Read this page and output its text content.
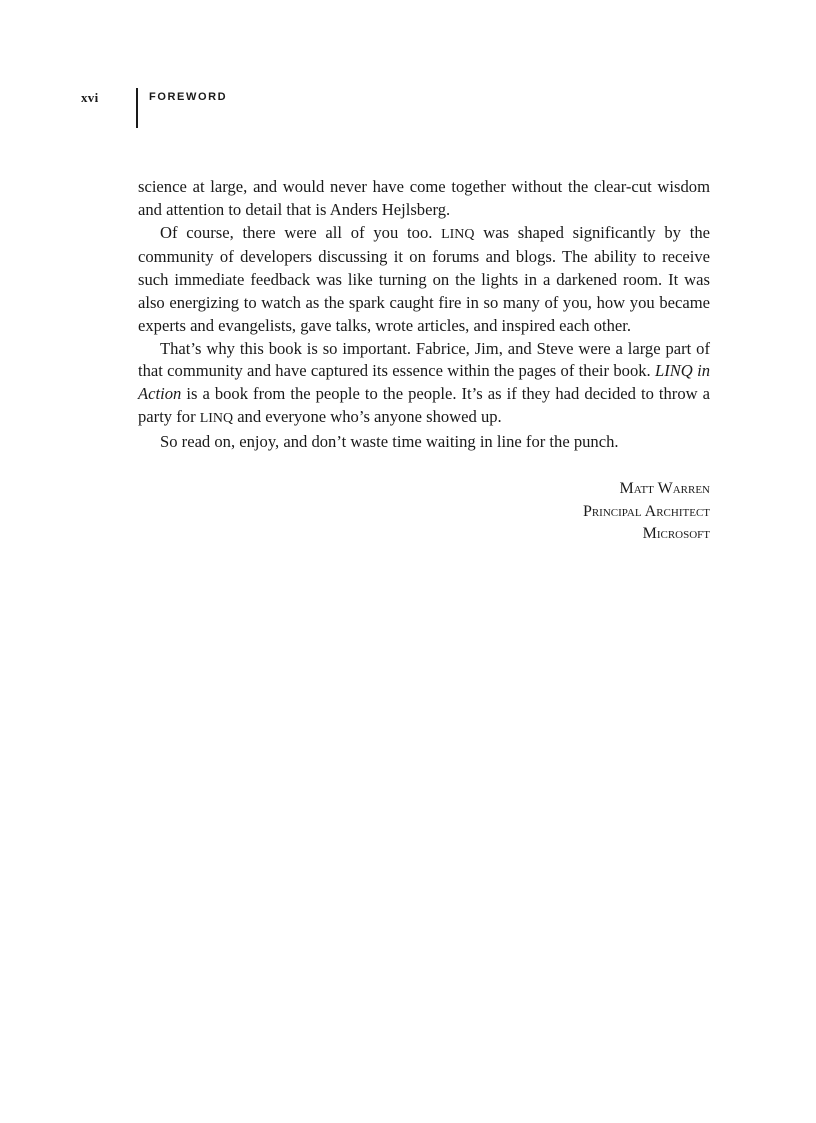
xvi	FOREWORD

science at large, and would never have come together without the clear-cut wisdom and attention to detail that is Anders Hejlsberg.

Of course, there were all of you too. LINQ was shaped significantly by the community of developers discussing it on forums and blogs. The ability to receive such immediate feedback was like turning on the lights in a darkened room. It was also energizing to watch as the spark caught fire in so many of you, how you became experts and evangelists, gave talks, wrote articles, and inspired each other.

That’s why this book is so important. Fabrice, Jim, and Steve were a large part of that community and have captured its essence within the pages of their book. LINQ in Action is a book from the people to the people. It’s as if they had decided to throw a party for LINQ and everyone who’s anyone showed up.

So read on, enjoy, and don’t waste time waiting in line for the punch.

Matt Warren
Principal Architect
Microsoft
